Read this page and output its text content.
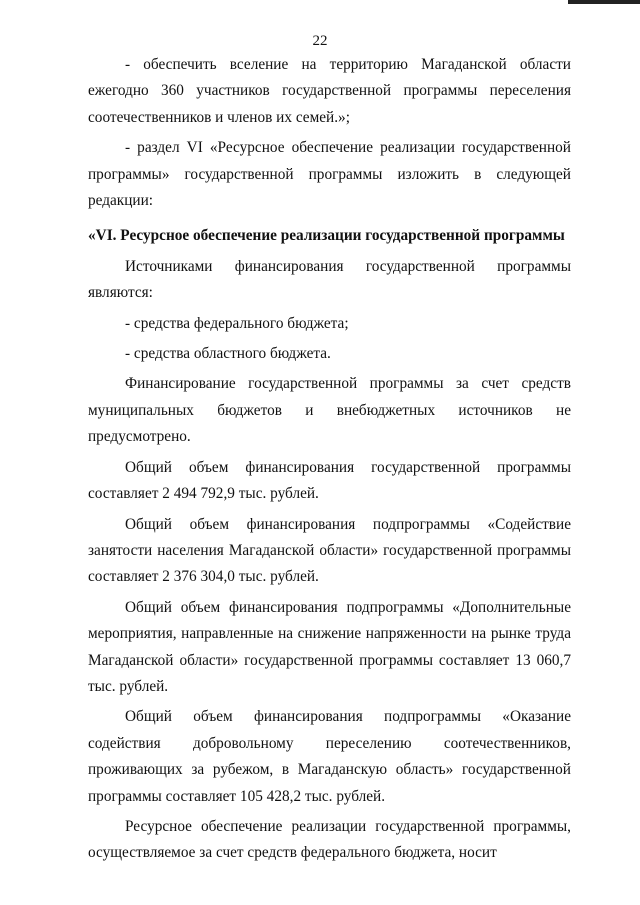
22

- обеспечить вселение на территорию Магаданской области ежегодно 360 участников государственной программы переселения соотечественников и членов их семей.»;

- раздел VI «Ресурсное обеспечение реализации государственной программы» государственной программы изложить в следующей редакции:

«VI. Ресурсное обеспечение реализации государственной программы

Источниками финансирования государственной программы являются:

- средства федерального бюджета;

- средства областного бюджета.

Финансирование государственной программы за счет средств муниципальных бюджетов и внебюджетных источников не предусмотрено.

Общий объем финансирования государственной программы составляет 2 494 792,9 тыс. рублей.

Общий объем финансирования подпрограммы «Содействие занятости населения Магаданской области» государственной программы составляет 2 376 304,0 тыс. рублей.

Общий объем финансирования подпрограммы «Дополнительные мероприятия, направленные на снижение напряженности на рынке труда Магаданской области» государственной программы составляет 13 060,7 тыс. рублей.

Общий объем финансирования подпрограммы «Оказание содействия добровольному переселению соотечественников, проживающих за рубежом, в Магаданскую область» государственной программы составляет 105 428,2 тыс. рублей.

Ресурсное обеспечение реализации государственной программы, осуществляемое за счет средств федерального бюджета, носит
